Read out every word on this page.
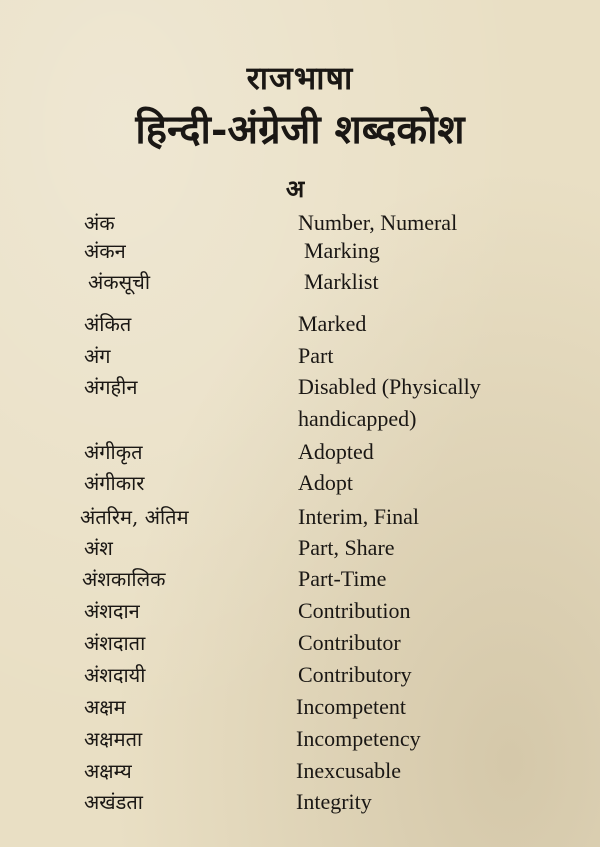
राजभाषा
हिन्दी-अंग्रेजी शब्दकोश
अ
अंक	Number, Numeral
अंकन	Marking
अंकसूची	Marklist
अंकित	Marked
अंग	Part
अंगहीन	Disabled (Physically
handicapped)
अंगीकृत	Adopted
अंगीकार	Adopt
अंतरिम, अंतिम	Interim, Final
अंश	Part, Share
अंशकालिक	Part-Time
अंशदान	Contribution
अंशदाता	Contributor
अंशदायी	Contributory
अक्षम	Incompetent
अक्षमता	Incompetency
अक्षम्य	Inexcusable
अखंडता	Integrity
